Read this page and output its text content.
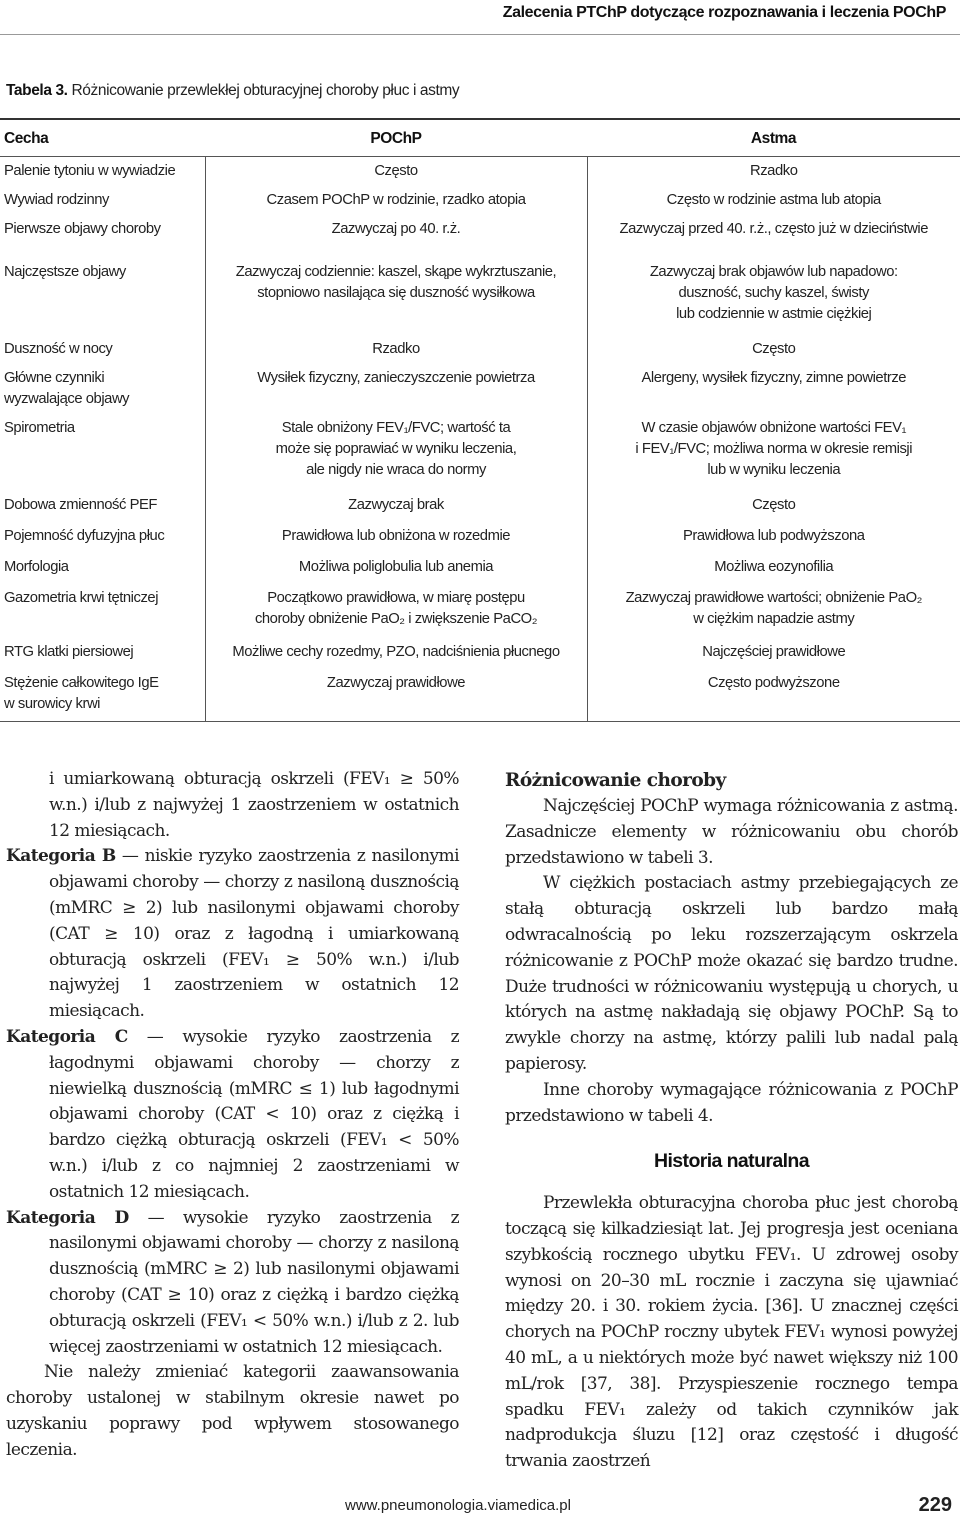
Zalecenia PTChP dotyczące rozpoznawania i leczenia POChP
Tabela 3. Różnicowanie przewlekłej obturacyjnej choroby płuc i astmy
Cecha	POChP	Astma

Palenie tytoniu w wywiadzie	Często	Rzadko

Wywiad rodzinny	Czasem POChP w rodzinie, rzadko atopia	Często w rodzinie astma lub atopia

Pierwsze objawy choroby	Zazwyczaj po 40. r.ż.	Zazwyczaj przed 40. r.ż., często już w dzieciństwie

Najczęstsze objawy	Zazwyczaj codziennie: kaszel, skąpe wykrztuszanie,
stopniowo nasilająca się duszność wysiłkowa	Zazwyczaj brak objawów lub napadowo:
duszność, suchy kaszel, świsty
lub codziennie w astmie ciężkiej

Duszność w nocy	Rzadko	Często

Główne czynniki
wyzwalające objawy	Wysiłek fizyczny, zanieczyszczenie powietrza	Alergeny, wysiłek fizyczny, zimne powietrze

Spirometria	Stale obniżony FEV₁/FVC; wartość ta
może się poprawiać w wyniku leczenia,
ale nigdy nie wraca do normy	W czasie objawów obniżone wartości FEV₁
i FEV₁/FVC; możliwa norma w okresie remisji
lub w wyniku leczenia

Dobowa zmienność PEF	Zazwyczaj brak	Często

Pojemność dyfuzyjna płuc	Prawidłowa lub obniżona w rozedmie	Prawidłowa lub podwyższona

Morfologia	Możliwa poliglobulia lub anemia	Możliwa eozynofilia

Gazometria krwi tętniczej	Początkowo prawidłowa, w miarę postępu
choroby obniżenie PaO₂ i zwiększenie PaCO₂	Zazwyczaj prawidłowe wartości; obniżenie PaO₂
w ciężkim napadzie astmy

RTG klatki piersiowej	Możliwe cechy rozedmy, PZO, nadciśnienia płucnego	Najczęściej prawidłowe

Stężenie całkowitego IgE
w surowicy krwi	Zazwyczaj prawidłowe	Często podwyższone

i umiarkowaną obturacją oskrzeli (FEV₁ ≥ 50% w.n.) i/lub z najwyżej 1 zaostrzeniem w ostatnich 12 miesiącach.

Kategoria B — niskie ryzyko zaostrzenia z nasilonymi objawami choroby — chorzy z nasiloną dusznością (mMRC ≥ 2) lub nasilonymi objawami choroby (CAT ≥ 10) oraz z łagodną i umiarkowaną obturacją oskrzeli (FEV₁ ≥ 50% w.n.) i/lub najwyżej 1 zaostrzeniem w ostatnich 12 miesiącach.

Kategoria C — wysokie ryzyko zaostrzenia z łagodnymi objawami choroby — chorzy z niewielką dusznością (mMRC ≤ 1) lub łagodnymi objawami choroby (CAT < 10) oraz z ciężką i bardzo ciężką obturacją oskrzeli (FEV₁ < 50% w.n.) i/lub z co najmniej 2 zaostrzeniami w ostatnich 12 miesiącach.

Kategoria D — wysokie ryzyko zaostrzenia z nasilonymi objawami choroby — chorzy z nasiloną dusznością (mMRC ≥ 2) lub nasilonymi objawami choroby (CAT ≥ 10) oraz z ciężką i bardzo ciężką obturacją oskrzeli (FEV₁ < 50% w.n.) i/lub z 2. lub więcej zaostrzeniami w ostatnich 12 miesiącach.

Nie należy zmieniać kategorii zaawansowania choroby ustalonej w stabilnym okresie nawet po uzyskaniu poprawy pod wpływem stosowanego leczenia.

Różnicowanie choroby

Najczęściej POChP wymaga różnicowania z astmą. Zasadnicze elementy w różnicowaniu obu chorób przedstawiono w tabeli 3.

W ciężkich postaciach astmy przebiegających ze stałą obturacją oskrzeli lub bardzo małą odwracalnością po leku rozszerzającym oskrzela różnicowanie z POChP może okazać się bardzo trudne. Duże trudności w różnicowaniu występują u chorych, u których na astmę nakładają się objawy POChP. Są to zwykle chorzy na astmę, którzy palili lub nadal palą papierosy.

Inne choroby wymagające różnicowania z POChP przedstawiono w tabeli 4.

Historia naturalna

Przewlekła obturacyjna choroba płuc jest chorobą toczącą się kilkadziesiąt lat. Jej progresja jest oceniana szybkością rocznego ubytku FEV₁. U zdrowej osoby wynosi on 20–30 mL rocznie i zaczyna się ujawniać między 20. i 30. rokiem życia. [36]. U znacznej części chorych na POChP roczny ubytek FEV₁ wynosi powyżej 40 mL, a u niektórych może być nawet większy niż 100 mL/rok [37, 38]. Przyspieszenie rocznego tempa spadku FEV₁ zależy od takich czynników jak nadprodukcja śluzu [12] oraz częstość i długość trwania zaostrzeń

www.pneumonologia.viamedica.pl	229
